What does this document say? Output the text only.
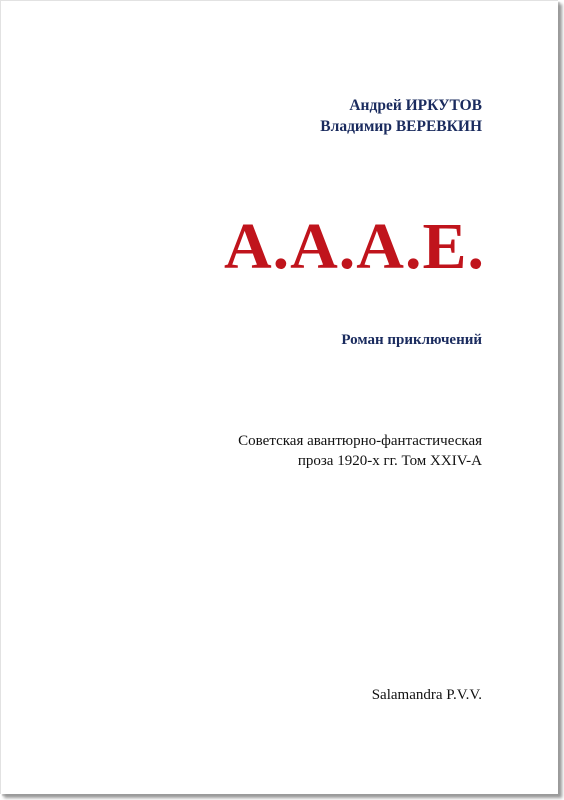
Андрей ИРКУТОВ
Владимир ВЕРЕВКИН
А.А.А.Е.
Роман приключений
Советская авантюрно-фантастическая
проза 1920-х гг. Том XXIV-А
Salamandra P.V.V.
